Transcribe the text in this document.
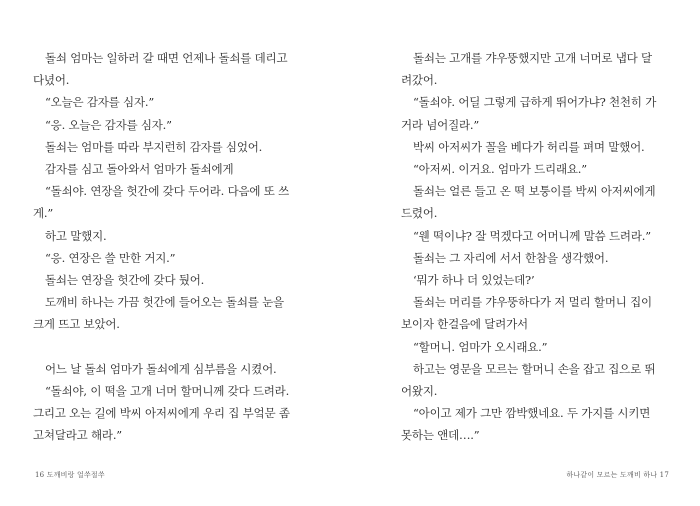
돌쇠 엄마는 일하러 갈 때면 언제나 돌쇠를 데리고
다녔어.
“오늘은 감자를 심자.”
“응. 오늘은 감자를 심자.”
돌쇠는 엄마를 따라 부지런히 감자를 심었어.
감자를 심고 돌아와서 엄마가 돌쇠에게
“돌쇠야. 연장을 헛간에 갖다 두어라. 다음에 또 쓰
게.”
하고 말했지.
“응. 연장은 쓸 만한 거지.”
돌쇠는 연장을 헛간에 갖다 뒀어.
도깨비 하나는 가끔 헛간에 들어오는 돌쇠를 눈을
크게 뜨고 보았어.
어느 날 돌쇠 엄마가 돌쇠에게 심부름을 시켰어.
“돌쇠야, 이 떡을 고개 너머 할머니께 갖다 드려라.
그리고 오는 길에 박씨 아저씨에게 우리 집 부엌문 좀
고쳐달라고 해라.”
16 도깨비랑 얼쑤절쑤
돌쇠는 고개를 갸우뚱했지만 고개 너머로 냅다 달
려갔어.
“돌쇠야. 어딜 그렇게 급하게 뛰어가냐? 천천히 가
거라 넘어질라.”
박씨 아저씨가 꼴을 베다가 허리를 펴며 말했어.
“아저씨. 이거요. 엄마가 드리래요.”
돌쇠는 얼른 들고 온 떡 보퉁이를 박씨 아저씨에게
드렸어.
“웬 떡이냐? 잘 먹겠다고 어머니께 말씀 드려라.”
돌쇠는 그 자리에 서서 한참을 생각했어.
‘뭐가 하나 더 있었는데?’
돌쇠는 머리를 갸우뚱하다가 저 멀리 할머니 집이
보이자 한걸음에 달려가서
“할머니. 엄마가 오시래요.”
하고는 영문을 모르는 할머니 손을 잡고 집으로 뛰
어왔지.
“아이고 제가 그만 깜박했네요. 두 가지를 시키면
못하는 앤데….”
하나같이 모르는 도깨비 하나 17
